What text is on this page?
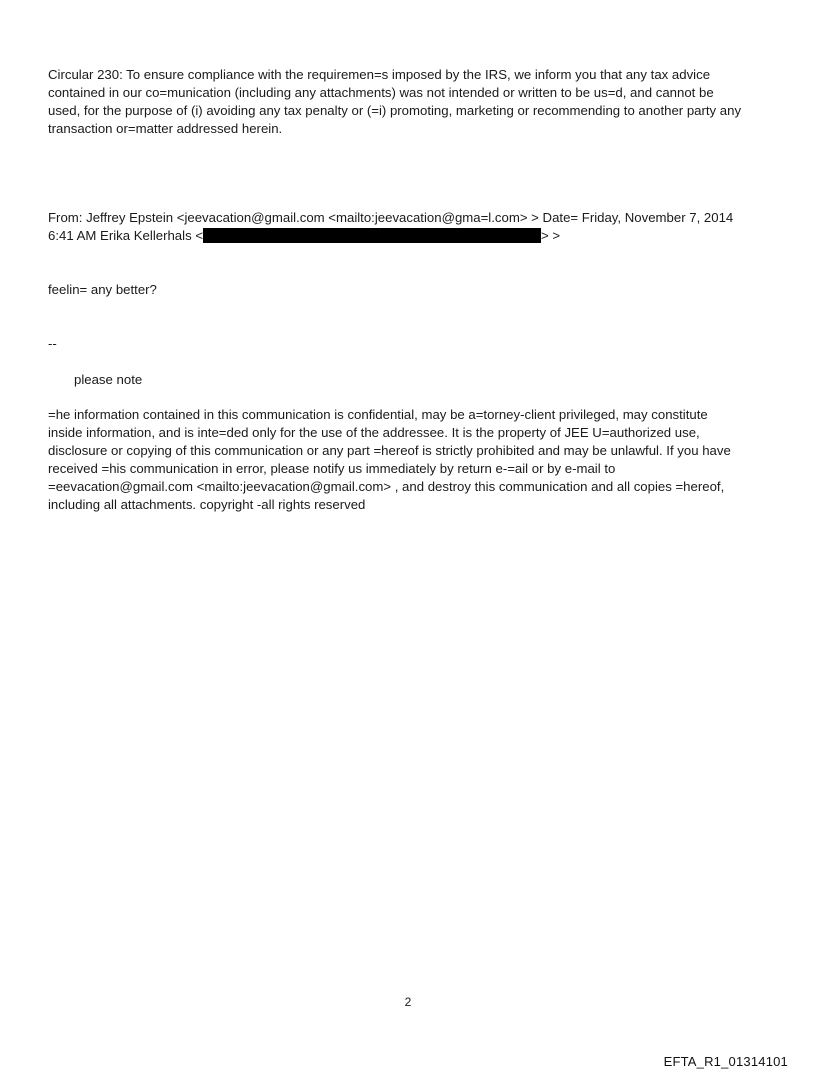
Circular 230: To ensure compliance with the requiremen=s imposed by the IRS, we inform you that any tax advice
contained in our co=munication (including any attachments) was not intended or written to be us=d, and cannot be
used, for the purpose of (i) avoiding any tax penalty or (=i) promoting, marketing or recommending to another party any
transaction or=matter addressed herein.

From: Jeffrey Epstein <jeevacation@gmail.com <mailto:jeevacation@gma=l.com> > Date= Friday, November 7, 2014
6:41 AM Erika Kellerhals <	> >

feelin= any better?

--

please note

=he information contained in this communication is confidential, may be a=torney-client privileged, may constitute
inside information, and is inte=ded only for the use of the addressee. It is the property of JEE U=authorized use,
disclosure or copying of this communication or any part =hereof is strictly prohibited and may be unlawful. If you have
received =his communication in error, please notify us immediately by return e-=ail or by e-mail to
=eevacation@gmail.com <mailto:jeevacation@gmail.com> , and destroy this communication and all copies =hereof,
including all attachments. copyright -all rights reserved

2
EFTA_R1_01314101
